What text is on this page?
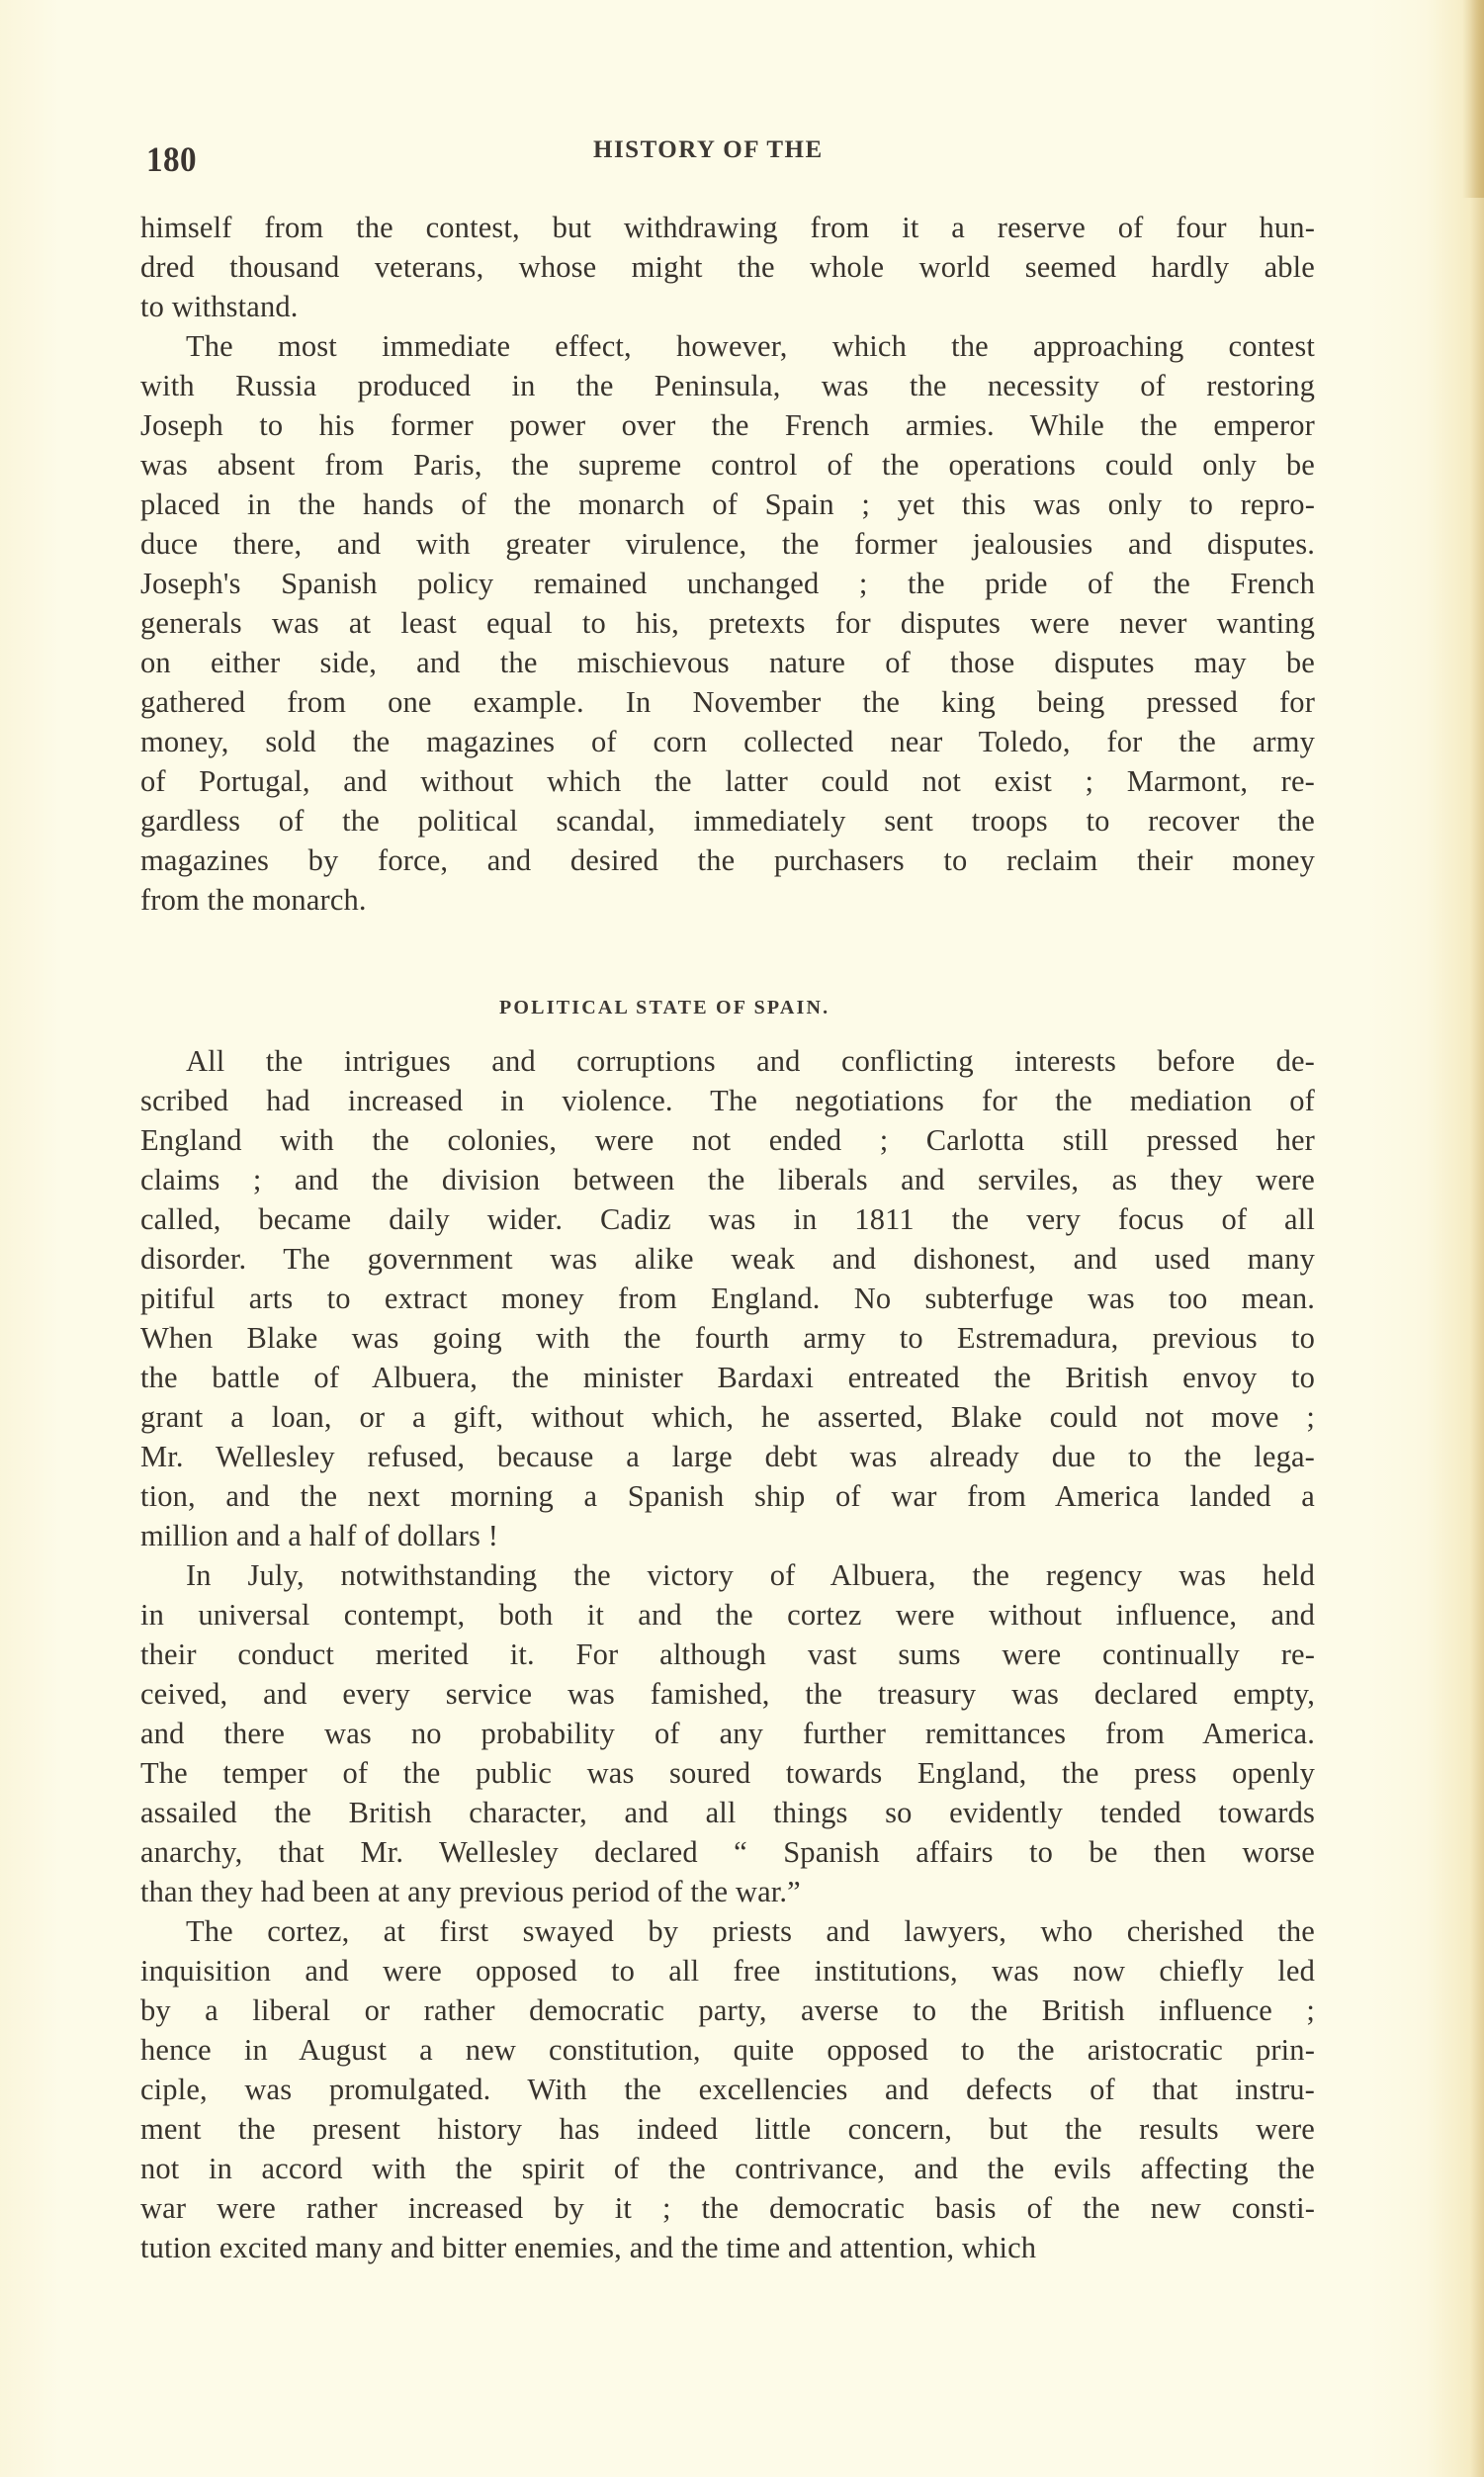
180	HISTORY OF THE
himself from the contest, but withdrawing from it a reserve of four hun-
dred thousand veterans, whose might the whole world seemed hardly able
to withstand.
The most immediate effect, however, which the approaching contest
with Russia produced in the Peninsula, was the necessity of restoring
Joseph to his former power over the French armies. While the emperor
was absent from Paris, the supreme control of the operations could only be
placed in the hands of the monarch of Spain ; yet this was only to repro-
duce there, and with greater virulence, the former jealousies and disputes.
Joseph's Spanish policy remained unchanged ; the pride of the French
generals was at least equal to his, pretexts for disputes were never wanting
on either side, and the mischievous nature of those disputes may be
gathered from one example. In November the king being pressed for
money, sold the magazines of corn collected near Toledo, for the army
of Portugal, and without which the latter could not exist ; Marmont, re-
gardless of the political scandal, immediately sent troops to recover the
magazines by force, and desired the purchasers to reclaim their money
from the monarch.
POLITICAL STATE OF SPAIN.
All the intrigues and corruptions and conflicting interests before de-
scribed had increased in violence. The negotiations for the mediation of
England with the colonies, were not ended ; Carlotta still pressed her
claims ; and the division between the liberals and serviles, as they were
called, became daily wider. Cadiz was in 1811 the very focus of all
disorder. The government was alike weak and dishonest, and used many
pitiful arts to extract money from England. No subterfuge was too mean.
When Blake was going with the fourth army to Estremadura, previous to
the battle of Albuera, the minister Bardaxi entreated the British envoy to
grant a loan, or a gift, without which, he asserted, Blake could not move ;
Mr. Wellesley refused, because a large debt was already due to the lega-
tion, and the next morning a Spanish ship of war from America landed a
million and a half of dollars !
In July, notwithstanding the victory of Albuera, the regency was held
in universal contempt, both it and the cortez were without influence, and
their conduct merited it. For although vast sums were continually re-
ceived, and every service was famished, the treasury was declared empty,
and there was no probability of any further remittances from America.
The temper of the public was soured towards England, the press openly
assailed the British character, and all things so evidently tended towards
anarchy, that Mr. Wellesley declared “ Spanish affairs to be then worse
than they had been at any previous period of the war.”
The cortez, at first swayed by priests and lawyers, who cherished the
inquisition and were opposed to all free institutions, was now chiefly led
by a liberal or rather democratic party, averse to the British influence ;
hence in August a new constitution, quite opposed to the aristocratic prin-
ciple, was promulgated. With the excellencies and defects of that instru-
ment the present history has indeed little concern, but the results were
not in accord with the spirit of the contrivance, and the evils affecting the
war were rather increased by it ; the democratic basis of the new consti-
tution excited many and bitter enemies, and the time and attention, which
